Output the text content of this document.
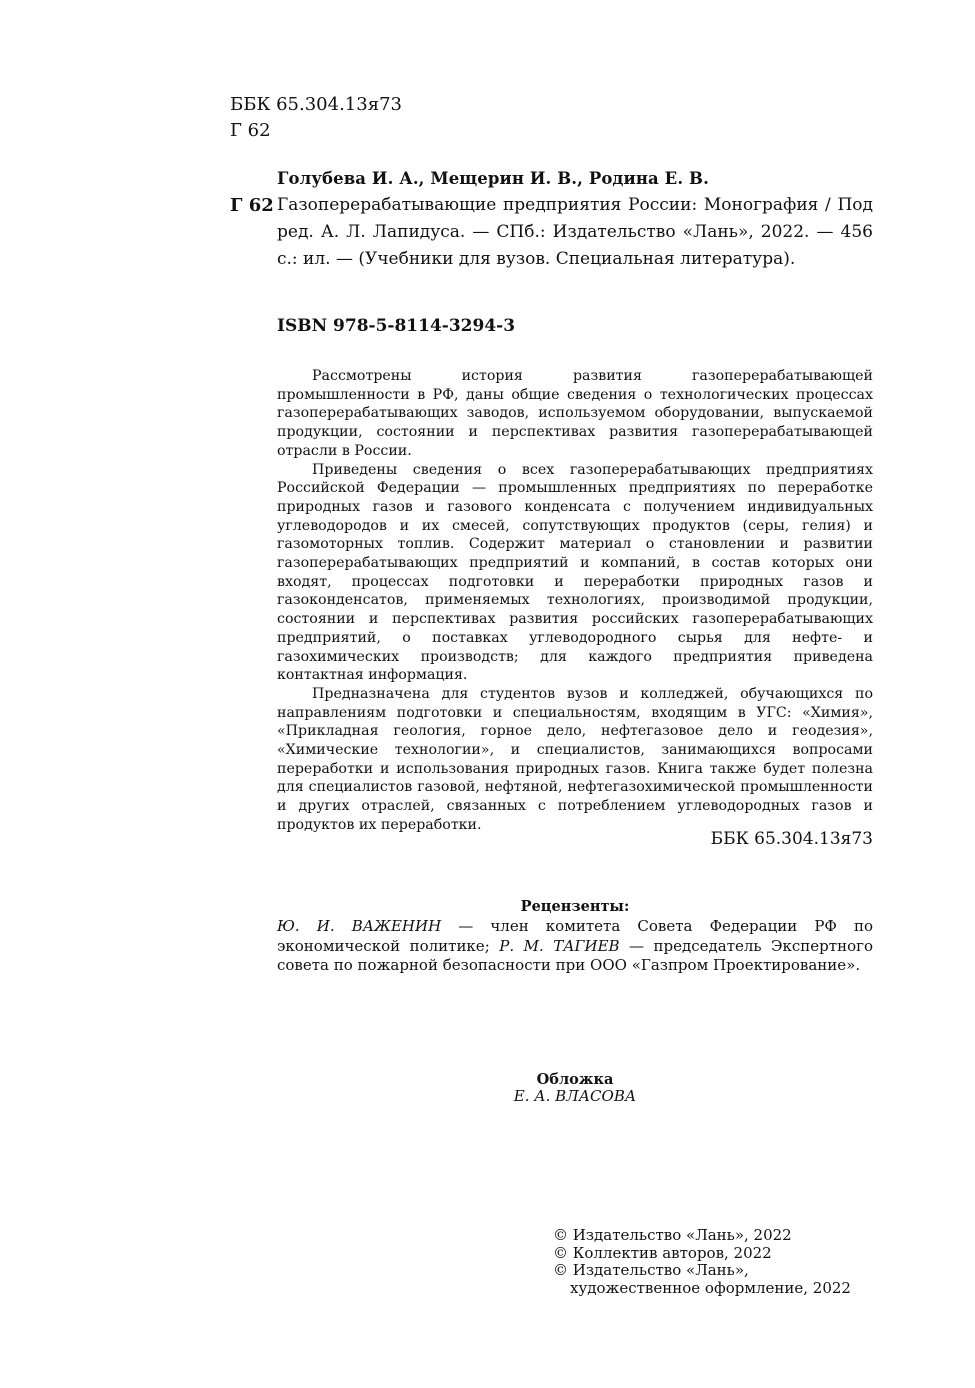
ББК 65.304.13я73
Г 62
Голубева И. А., Мещерин И. В., Родина Е. В.
Г 62 Газоперерабатывающие предприятия России: Монография / Под ред. А. Л. Лапидуса. — СПб.: Издательство «Лань», 2022. — 456 с.: ил. — (Учебники для вузов. Специальная литература).
ISBN 978-5-8114-3294-3

Рассмотрены история развития газоперерабатывающей промышленности в РФ, даны общие сведения о технологических процессах газоперерабатывающих заводов, используемом оборудовании, выпускаемой продукции, состоянии и перспективах развития газоперерабатывающей отрасли в России.

Приведены сведения о всех газоперерабатывающих предприятиях Российской Федерации — промышленных предприятиях по переработке природных газов и газового конденсата с получением индивидуальных углеводородов и их смесей, сопутствующих продуктов (серы, гелия) и газомоторных топлив. Содержит материал о становлении и развитии газоперерабатывающих предприятий и компаний, в состав которых они входят, процессах подготовки и переработки природных газов и газоконденсатов, применяемых технологиях, производимой продукции, состоянии и перспективах развития российских газоперерабатывающих предприятий, о поставках углеводородного сырья для нефте- и газохимических производств; для каждого предприятия приведена контактная информация.

Предназначена для студентов вузов и колледжей, обучающихся по направлениям подготовки и специальностям, входящим в УГС: «Химия», «Прикладная геология, горное дело, нефтегазовое дело и геодезия», «Химические технологии», и специалистов, занимающихся вопросами переработки и использования природных газов. Книга также будет полезна для специалистов газовой, нефтяной, нефтегазохимической промышленности и других отраслей, связанных с потреблением углеводородных газов и продуктов их переработки.

ББК 65.304.13я73
Рецензенты:
Ю. И. ВАЖЕНИН — член комитета Совета Федерации РФ по экономической политике; Р. М. ТАГИЕВ — председатель Экспертного совета по пожарной безопасности при ООО «Газпром Проектирование».
Обложка
Е. А. ВЛАСОВА
© Издательство «Лань», 2022
© Коллектив авторов, 2022
© Издательство «Лань»,
художественное оформление, 2022
